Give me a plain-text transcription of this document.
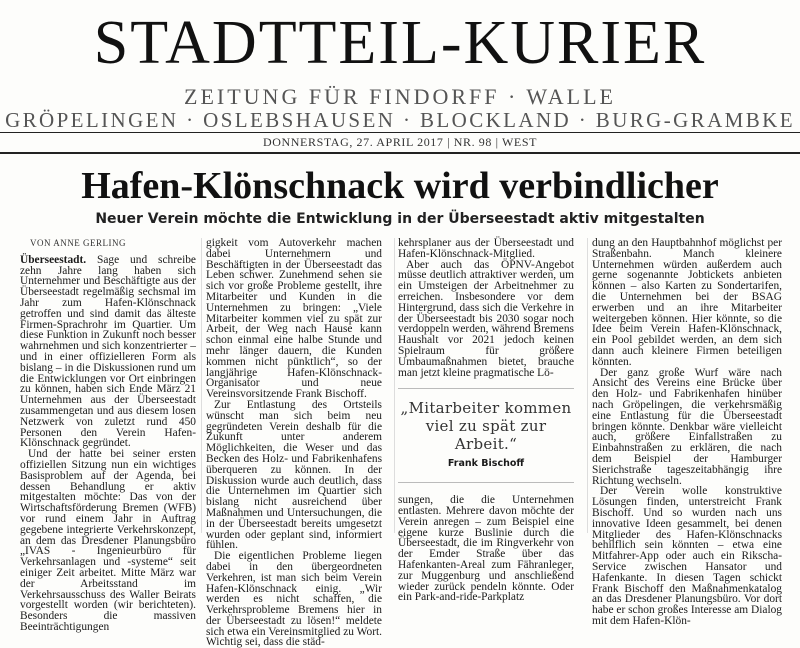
STADTTEIL-KURIER
ZEITUNG FÜR FINDORFF · WALLE
GRÖPELINGEN · OSLEBSHAUSEN · BLOCKLAND · BURG-GRAMBKE
DONNERSTAG, 27. APRIL 2017 | NR. 98 | WEST
Hafen-Klönschnack wird verbindlicher
Neuer Verein möchte die Entwicklung in der Überseestadt aktiv mitgestalten
VON ANNE GERLING

Überseestadt. Sage und schreibe zehn Jahre lang haben sich Unternehmer und Beschäftigte aus der Überseestadt regelmäßig sechsmal im Jahr zum Hafen-Klönschnack getroffen und sind damit das älteste Firmen-Sprachrohr im Quartier. Um diese Funktion in Zukunft noch besser wahrnehmen und sich konzentrierter – und in einer offizielleren Form als bislang – in die Diskussionen rund um die Entwicklungen vor Ort einbringen zu können, haben sich Ende März 21 Unternehmen aus der Überseestadt zusammengetan und aus diesem losen Netzwerk von zuletzt rund 450 Personen den Verein Hafen-Klönschnack gegründet.

Und der hatte bei seiner ersten offiziellen Sitzung nun ein wichtiges Basisproblem auf der Agenda, bei dessen Behandlung er aktiv mitgestalten möchte: Das von der Wirtschaftsförderung Bremen (WFB) vor rund einem Jahr in Auftrag gegebene integrierte Verkehrskonzept, an dem das Dresdener Planungsbüro „IVAS - Ingenieurbüro für Verkehrsanlagen und -systeme“ seit einiger Zeit arbeitet. Mitte März war der Arbeitsstand im Verkehrsausschuss des Waller Beirats vorgestellt worden (wir berichteten). Besonders die massiven Beeinträchtigungen

gigkeit vom Autoverkehr machen dabei Unternehmern und Beschäftigten in der Überseestadt das Leben schwer. Zunehmend sehen sie sich vor große Probleme gestellt, ihre Mitarbeiter und Kunden in die Unternehmen zu bringen: „Viele Mitarbeiter kommen viel zu spät zur Arbeit, der Weg nach Hause kann schon einmal eine halbe Stunde und mehr länger dauern, die Kunden kommen nicht pünktlich“, so der langjährige Hafen-Klönschnack-Organisator und neue Vereinsvorsitzende Frank Bischoff.

Zur Entlastung des Ortsteils wünscht man sich beim neu gegründeten Verein deshalb für die Zukunft unter anderem Möglichkeiten, die Weser und das Becken des Holz- und Fabrikenhafens überqueren zu können. In der Diskussion wurde auch deutlich, dass die Unternehmen im Quartier sich bislang nicht ausreichend über Maßnahmen und Untersuchungen, die in der Überseestadt bereits umgesetzt wurden oder geplant sind, informiert fühlen.

Die eigentlichen Probleme liegen dabei in den übergeordneten Verkehren, ist man sich beim Verein Hafen-Klönschnack einig. „Wir werden es nicht schaffen, die Verkehrsprobleme Bremens hier in der Überseestadt zu lösen!“ meldete sich etwa ein Vereinsmitglied zu Wort. Wichtig sei, dass die städ-

kehrsplaner aus der Überseestadt und Hafen-Klönschnack-Mitglied.

Aber auch das ÖPNV-Angebot müsse deutlich attraktiver werden, um ein Umsteigen der Arbeitnehmer zu erreichen. Insbesondere vor dem Hintergrund, dass sich die Verkehre in der Überseestadt bis 2030 sogar noch verdoppeln werden, während Bremens Haushalt vor 2021 jedoch keinen Spielraum für größere Umbaumaßnahmen bietet, brauche man jetzt kleine pragmatische Lö-

„Mitarbeiter kommen viel zu spät zur Arbeit.“
Frank Bischoff

sungen, die die Unternehmen entlasten. Mehrere davon möchte der Verein anregen – zum Beispiel eine eigene kurze Buslinie durch die Überseestadt, die im Ringverkehr von der Emder Straße über das Hafenkanten-Areal zum Fähranleger, zur Muggenburg und anschließend wieder zurück pendeln könnte. Oder ein Park-and-ride-Parkplatz

dung an den Hauptbahnhof möglichst per Straßenbahn. Manch kleinere Unternehmen würden außerdem auch gerne sogenannte Jobtickets anbieten können – also Karten zu Sondertarifen, die Unternehmen bei der BSAG erwerben und an ihre Mitarbeiter weitergeben können. Hier könnte, so die Idee beim Verein Hafen-Klönschnack, ein Pool gebildet werden, an dem sich dann auch kleinere Firmen beteiligen könnten.

Der ganz große Wurf wäre nach Ansicht des Vereins eine Brücke über den Holz- und Fabrikenhafen hinüber nach Gröpelingen, die verkehrsmäßig eine Entlastung für die Überseestadt bringen könnte. Denkbar wäre vielleicht auch, größere Einfallstraßen zu Einbahnstraßen zu erklären, die nach dem Beispiel der Hamburger Sierichstraße tageszeitabhängig ihre Richtung wechseln.

Der Verein wolle konstruktive Lösungen finden, unterstreicht Frank Bischoff. Und so wurden nach uns innovative Ideen gesammelt, bei denen Mitglieder des Hafen-Klönschnacks behilflich sein könnten – etwa eine Mitfahrer-App oder auch ein Rikscha-Service zwischen Hansator und Hafenkante. In diesen Tagen schickt Frank Bischoff den Maßnahmenkatalog an das Dresdener Planungsbüro. Vor dort habe er schon großes Interesse am Dialog mit dem Hafen-Klön-
